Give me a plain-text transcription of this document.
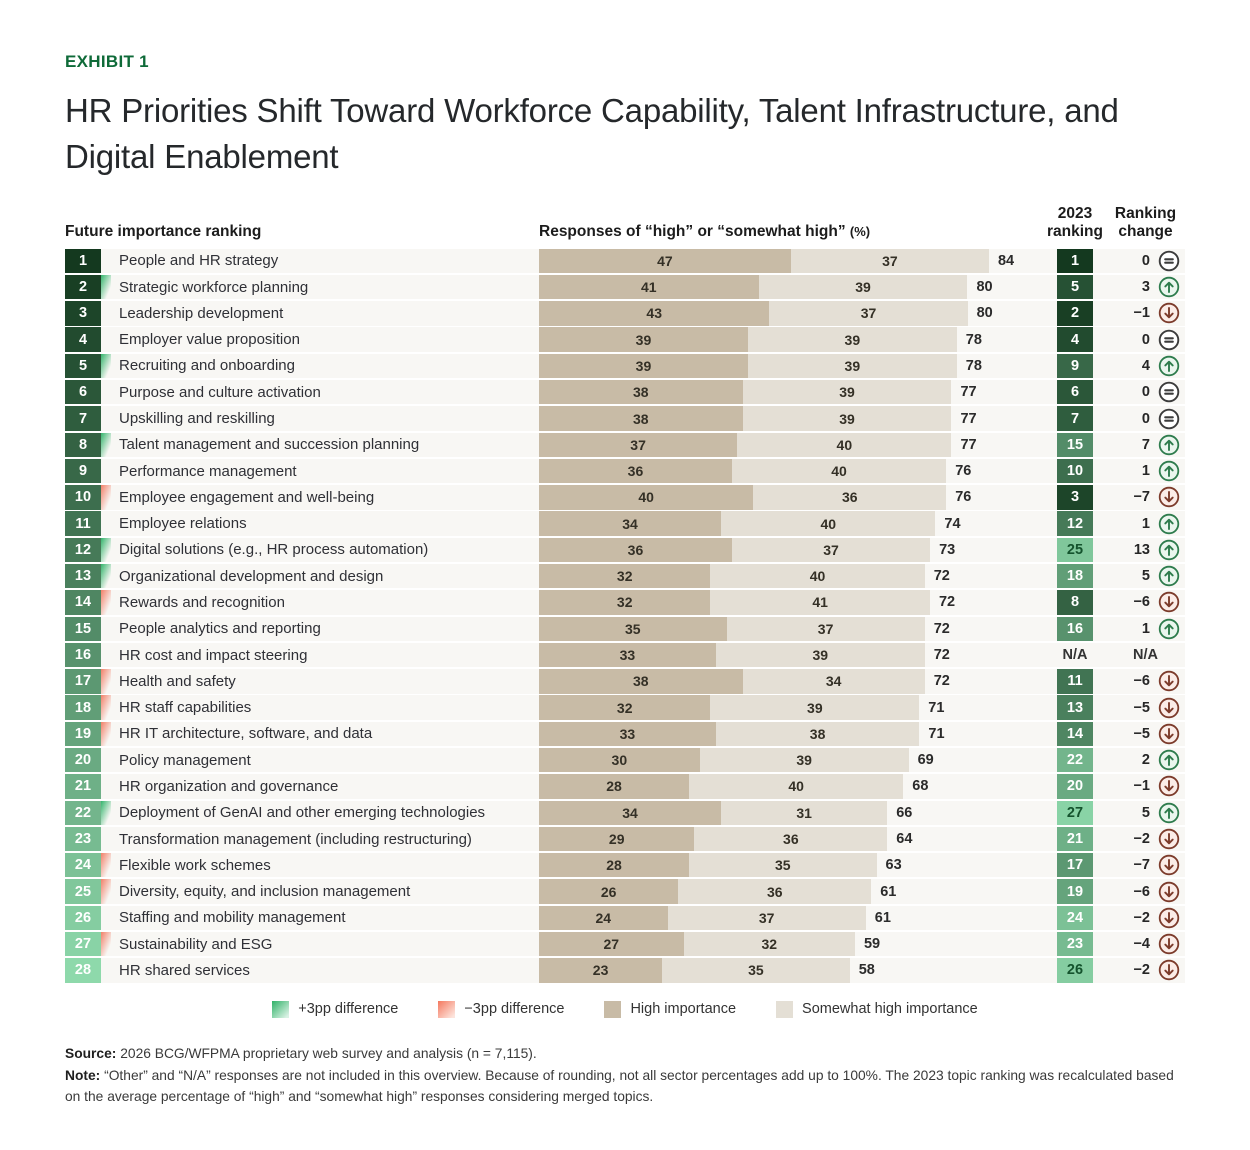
EXHIBIT 1
HR Priorities Shift Toward Workforce Capability, Talent Infrastructure, and Digital Enablement
Future importance ranking	Responses of “high” or “somewhat high” (%)
2023
ranking
Ranking
change
1	People and HR strategy	47	37	84	1	0
2	Strategic workforce planning	41	39	80	5	3
3	Leadership development	43	37	80	2	−1
4	Employer value proposition	39	39	78	4	0
5	Recruiting and onboarding	39	39	78	9	4
6	Purpose and culture activation	38	39	77	6	0
7	Upskilling and reskilling	38	39	77	7	0
8	Talent management and succession planning	37	40	77	15	7
9	Performance management	36	40	76	10	1
10	Employee engagement and well-being	40	36	76	3	−7
11	Employee relations	34	40	74	12	1
12	Digital solutions (e.g., HR process automation)	36	37	73	25	13
13	Organizational development and design	32	40	72	18	5
14	Rewards and recognition	32	41	72	8	−6
15	People analytics and reporting	35	37	72	16	1
16	HR cost and impact steering	33	39	72	N/A	N/A
17	Health and safety	38	34	72	11	−6
18	HR staff capabilities	32	39	71	13	−5
19	HR IT architecture, software, and data	33	38	71	14	−5
20	Policy management	30	39	69	22	2
21	HR organization and governance	28	40	68	20	−1
22	Deployment of GenAI and other emerging technologies	34	31	66	27	5
23	Transformation management (including restructuring)	29	36	64	21	−2
24	Flexible work schemes	28	35	63	17	−7
25	Diversity, equity, and inclusion management	26	36	61	19	−6
26	Staffing and mobility management	24	37	61	24	−2
27	Sustainability and ESG	27	32	59	23	−4
28	HR shared services	23	35	58	26	−2
+3pp difference	−3pp difference	High importance	Somewhat high importance

Source: 2026 BCG/WFPMA proprietary web survey and analysis (n = 7,115).

Note: “Other” and “N/A” responses are not included in this overview. Because of rounding, not all sector percentages add up to 100%. The 2023 topic ranking was recalculated based on the average percentage of “high” and “somewhat high” responses considering merged topics.
